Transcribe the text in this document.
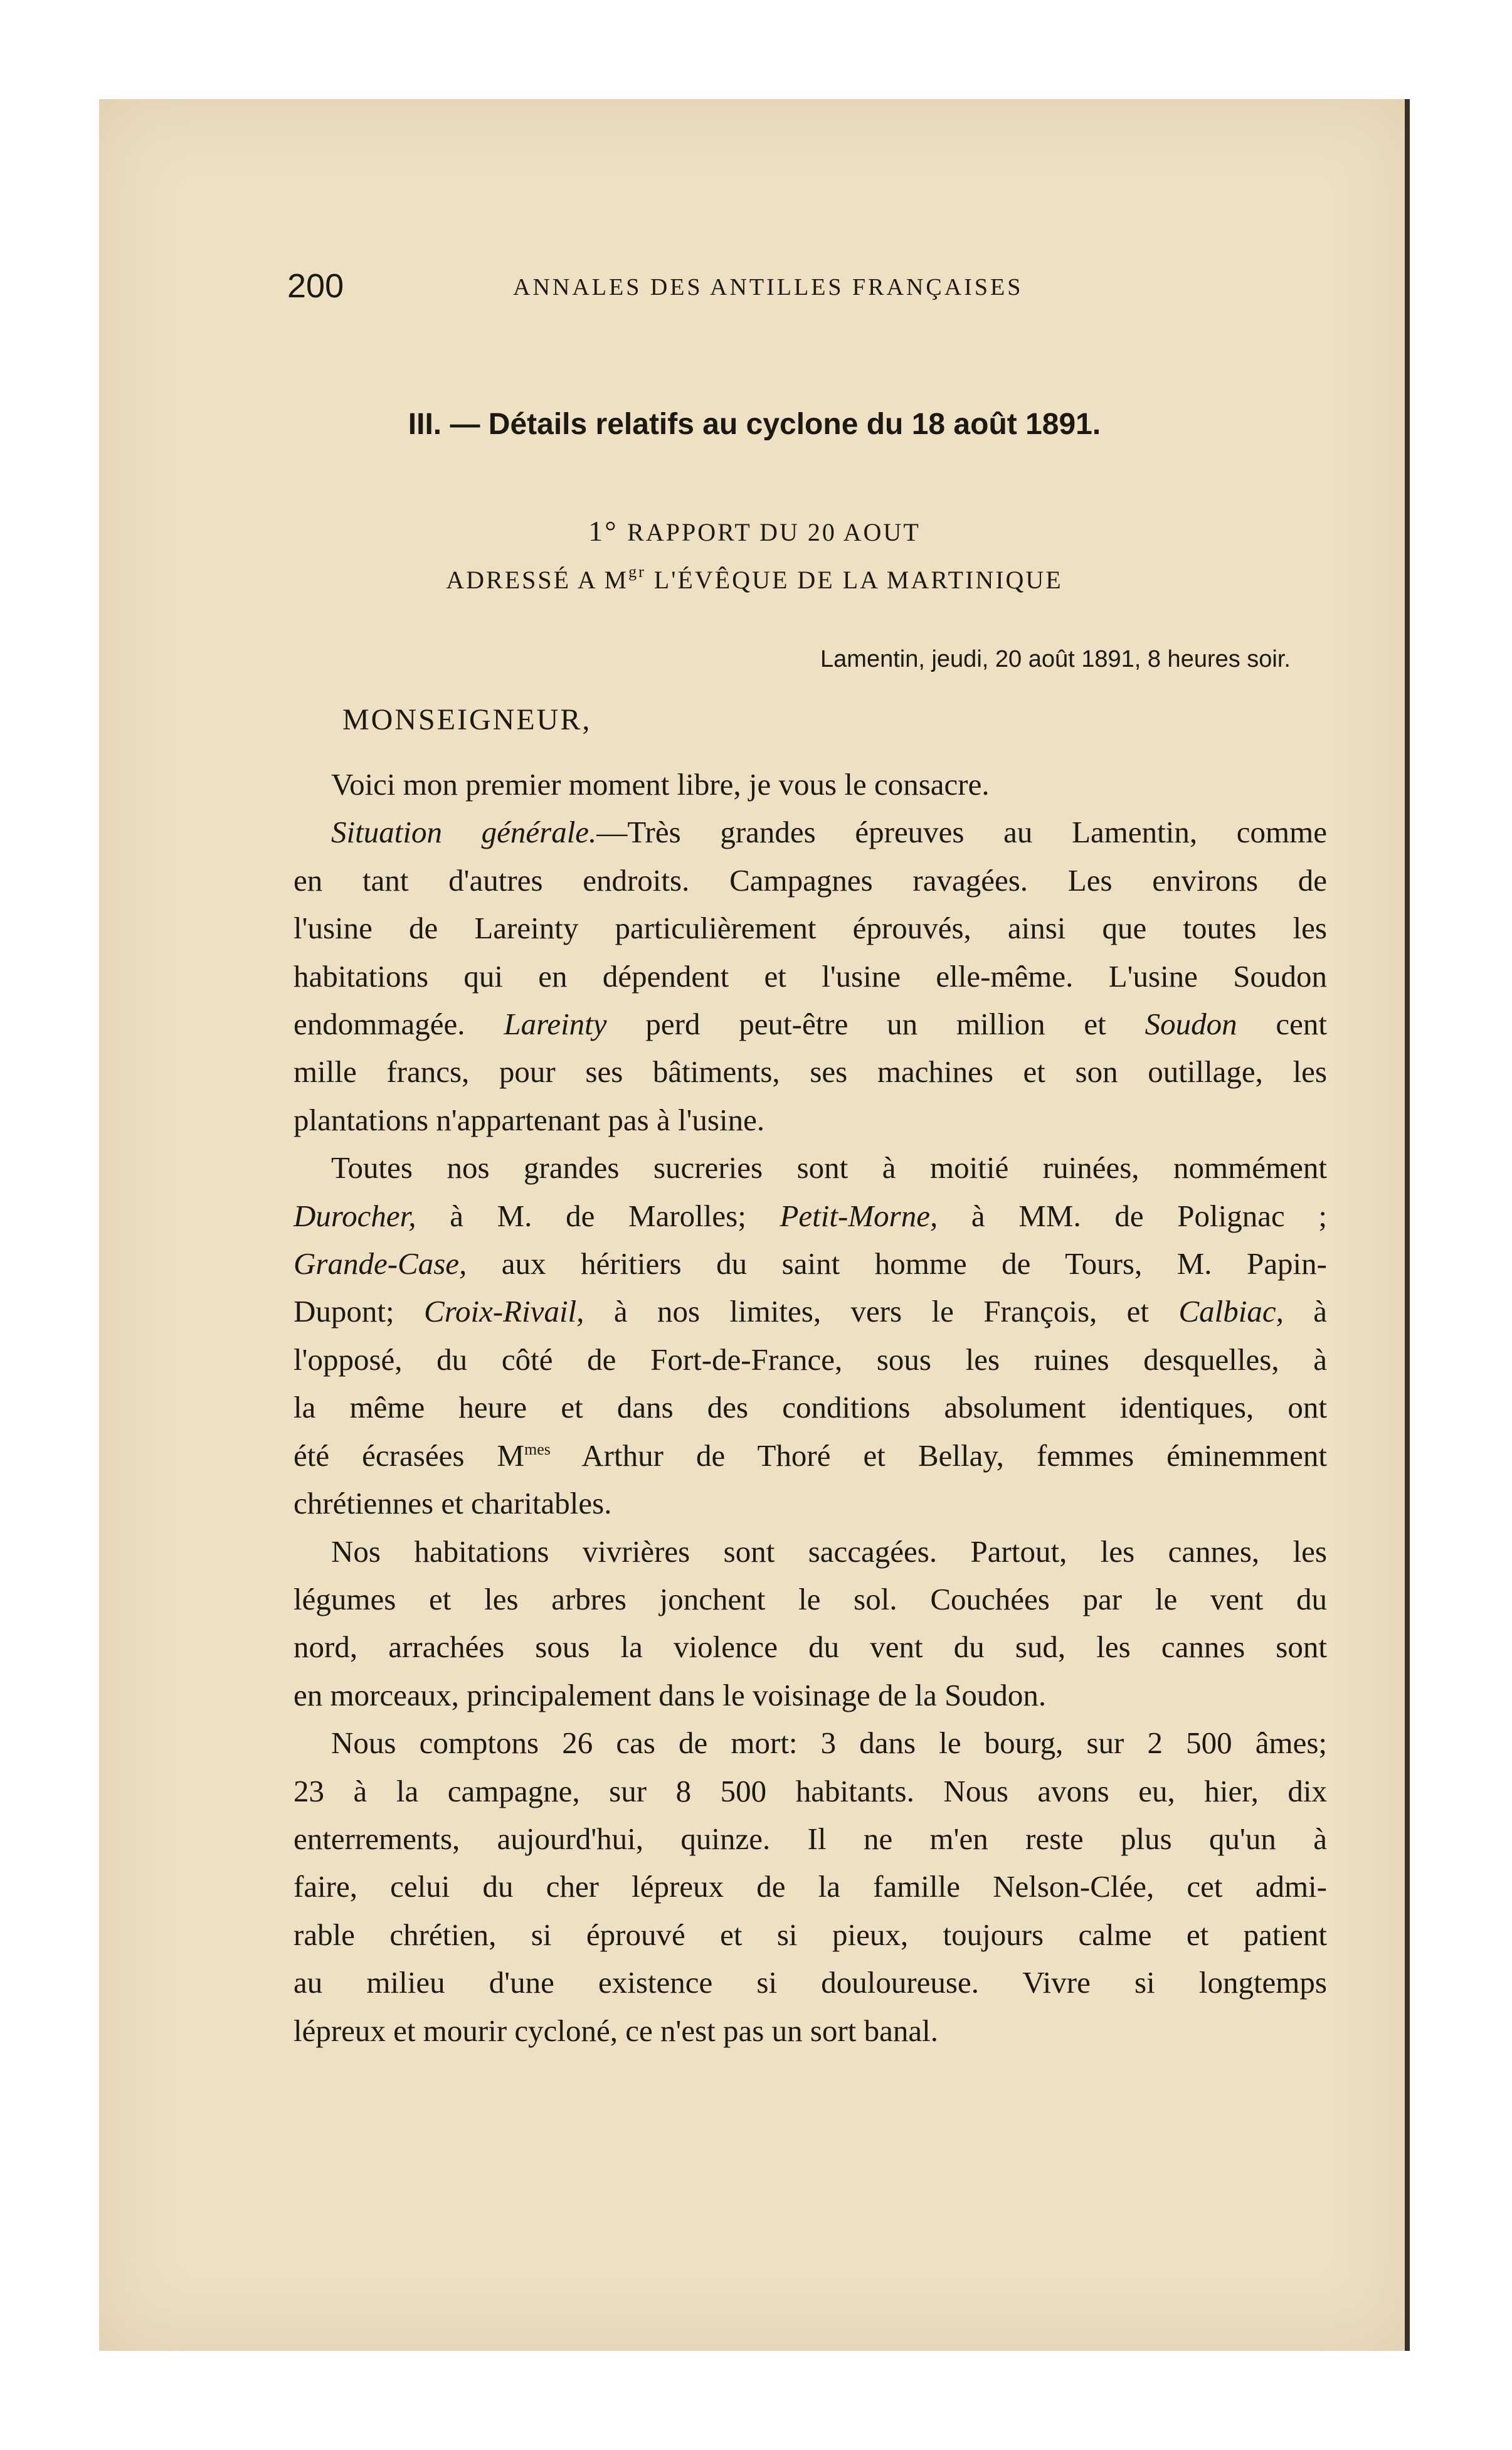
200	ANNALES DES ANTILLES FRANÇAISES

III. — Détails relatifs au cyclone du 18 août 1891.

1° RAPPORT DU 20 AOUT

ADRESSÉ A $M^{gr}$ L'ÉVÊQUE DE LA MARTINIQUE

Lamentin, jeudi, 20 août 1891, 8 heures soir.

MONSEIGNEUR,

Voici mon premier moment libre, je vous le consacre.
Situation générale.—Très grandes épreuves au Lamentin, comme
en tant d'autres endroits. Campagnes ravagées. Les environs de
l'usine de Lareinty particulièrement éprouvés, ainsi que toutes les
habitations qui en dépendent et l'usine elle-même. L'usine Soudon
endommagée. Lareinty perd peut-être un million et Soudon cent
mille francs, pour ses bâtiments, ses machines et son outillage, les
plantations n'appartenant pas à l'usine.
Toutes nos grandes sucreries sont à moitié ruinées, nommément
Durocher, à M. de Marolles; Petit-Morne, à MM. de Polignac ;
Grande-Case, aux héritiers du saint homme de Tours, M. Papin-
Dupont; Croix-Rivail, à nos limites, vers le François, et Calbiac, à
l'opposé, du côté de Fort-de-France, sous les ruines desquelles, à
la même heure et dans des conditions absolument identiques, ont
été écrasées $M^{mes}$ Arthur de Thoré et Bellay, femmes éminemment
chrétiennes et charitables.
Nos habitations vivrières sont saccagées. Partout, les cannes, les
légumes et les arbres jonchent le sol. Couchées par le vent du
nord, arrachées sous la violence du vent du sud, les cannes sont
en morceaux, principalement dans le voisinage de la Soudon.
Nous comptons 26 cas de mort: 3 dans le bourg, sur 2 500 âmes;
23 à la campagne, sur 8 500 habitants. Nous avons eu, hier, dix
enterrements, aujourd'hui, quinze. Il ne m'en reste plus qu'un à
faire, celui du cher lépreux de la famille Nelson-Clée, cet admi-
rable chrétien, si éprouvé et si pieux, toujours calme et patient
au milieu d'une existence si douloureuse. Vivre si longtemps
lépreux et mourir cycloné, ce n'est pas un sort banal.
